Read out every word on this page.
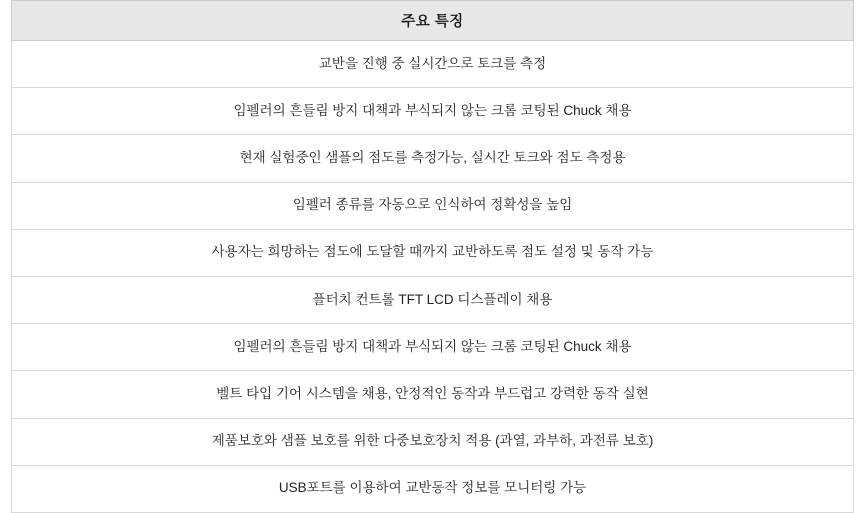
주요 특징
교반을 진행 중 실시간으로 토크를 측정
임펠러의 흔들림 방지 대책과 부식되지 않는 크롬 코팅된 Chuck 채용
현재 실험중인 샘플의 점도를 측정가능, 실시간 토크와 점도 측정용
임펠러 종류를 자동으로 인식하여 정확성을 높임
사용자는 희망하는 점도에 도달할 때까지 교반하도록 점도 설정 및 동작 가능
플터치 컨트롤 TFT LCD 디스플레이 채용
임펠러의 흔들림 방지 대책과 부식되지 않는 크롬 코팅된 Chuck 채용
벨트 타입 기어 시스템을 채용, 안정적인 동작과 부드럽고 강력한 동작 실현
제품보호와 샘플 보호를 위한 다중보호장치 적용 (과열, 과부하, 과전류 보호)
USB포트를 이용하여 교반동작 정보를 모니터링 가능
